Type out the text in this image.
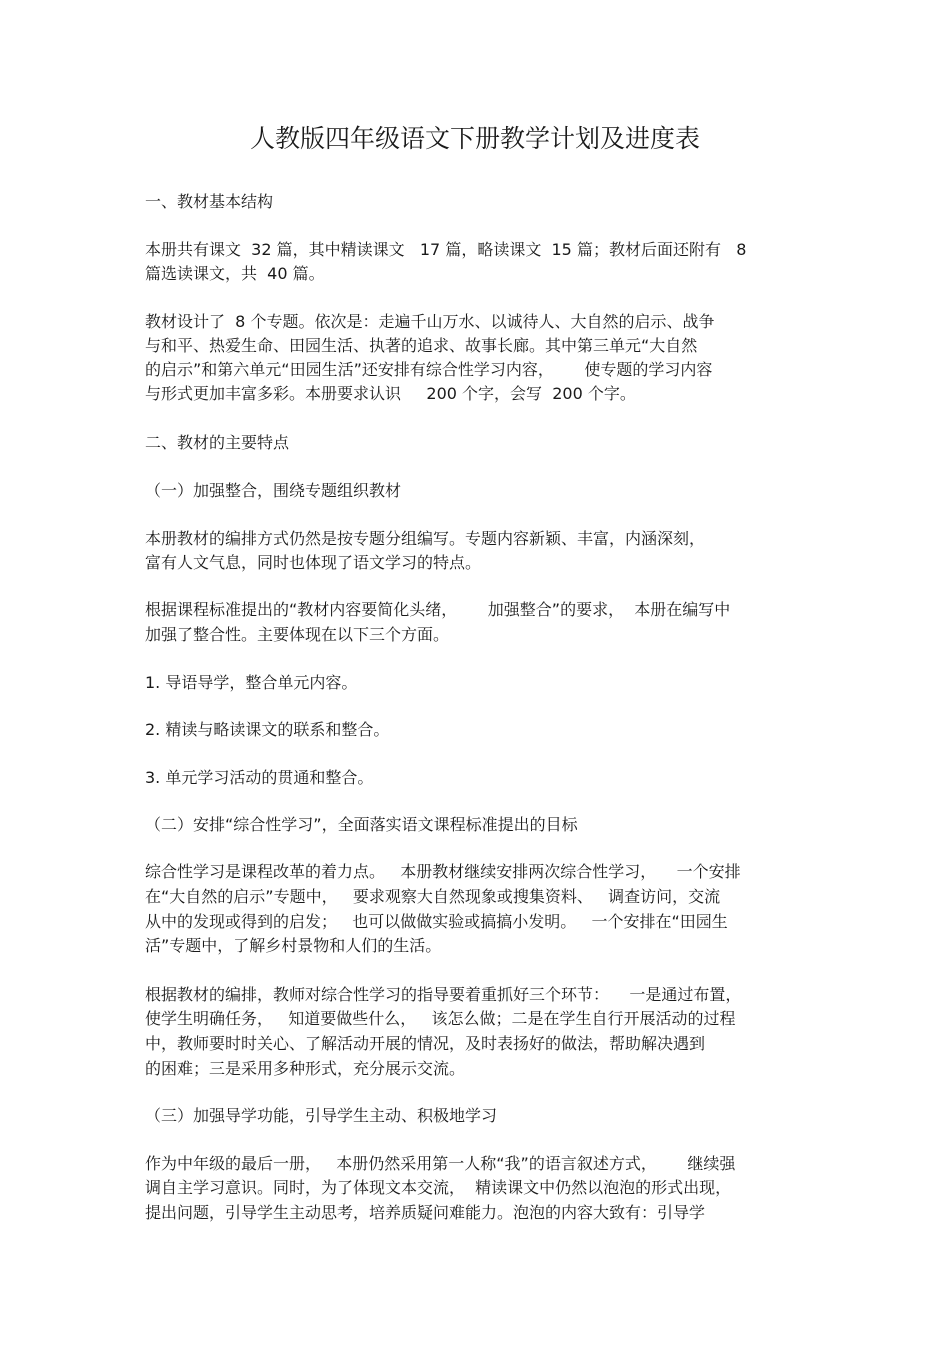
人教版四年级语文下册教学计划及进度表

一、教材基本结构

本册共有课文  32 篇，其中精读课文   17 篇，略读课文  15 篇；教材后面还附有   8

篇选读课文，共  40 篇。

教材设计了  8 个专题。依次是：走遍千山万水、以诚待人、大自然的启示、战争

与和平、热爱生命、田园生活、执著的追求、故事长廊。其中第三单元“大自然

的启示”和第六单元“田园生活”还安排有综合性学习内容，      使专题的学习内容

与形式更加丰富多彩。本册要求认识     200 个字，会写  200 个字。

二、教材的主要特点

（一）加强整合，围绕专题组织教材

本册教材的编排方式仍然是按专题分组编写。专题内容新颖、丰富，内涵深刻，

富有人文气息，同时也体现了语文学习的特点。

根据课程标准提出的“教材内容要简化头绪，      加强整合”的要求，  本册在编写中

加强了整合性。主要体现在以下三个方面。

1. 导语导学，整合单元内容。

2. 精读与略读课文的联系和整合。

3. 单元学习活动的贯通和整合。

（二）安排“综合性学习”，全面落实语文课程标准提出的目标

综合性学习是课程改革的着力点。   本册教材继续安排两次综合性学习，    一个安排

在“大自然的启示”专题中，   要求观察大自然现象或搜集资料、   调查访问，交流

从中的发现或得到的启发；   也可以做做实验或搞搞小发明。   一个安排在“田园生

活”专题中，了解乡村景物和人们的生活。

根据教材的编排，教师对综合性学习的指导要着重抓好三个环节：    一是通过布置，

使学生明确任务，   知道要做些什么，   该怎么做；二是在学生自行开展活动的过程

中，教师要时时关心、了解活动开展的情况，及时表扬好的做法，帮助解决遇到

的困难；三是采用多种形式，充分展示交流。

（三）加强导学功能，引导学生主动、积极地学习

作为中年级的最后一册，   本册仍然采用第一人称“我”的语言叙述方式，      继续强

调自主学习意识。同时，为了体现文本交流，  精读课文中仍然以泡泡的形式出现，

提出问题，引导学生主动思考，培养质疑问难能力。泡泡的内容大致有：引导学
